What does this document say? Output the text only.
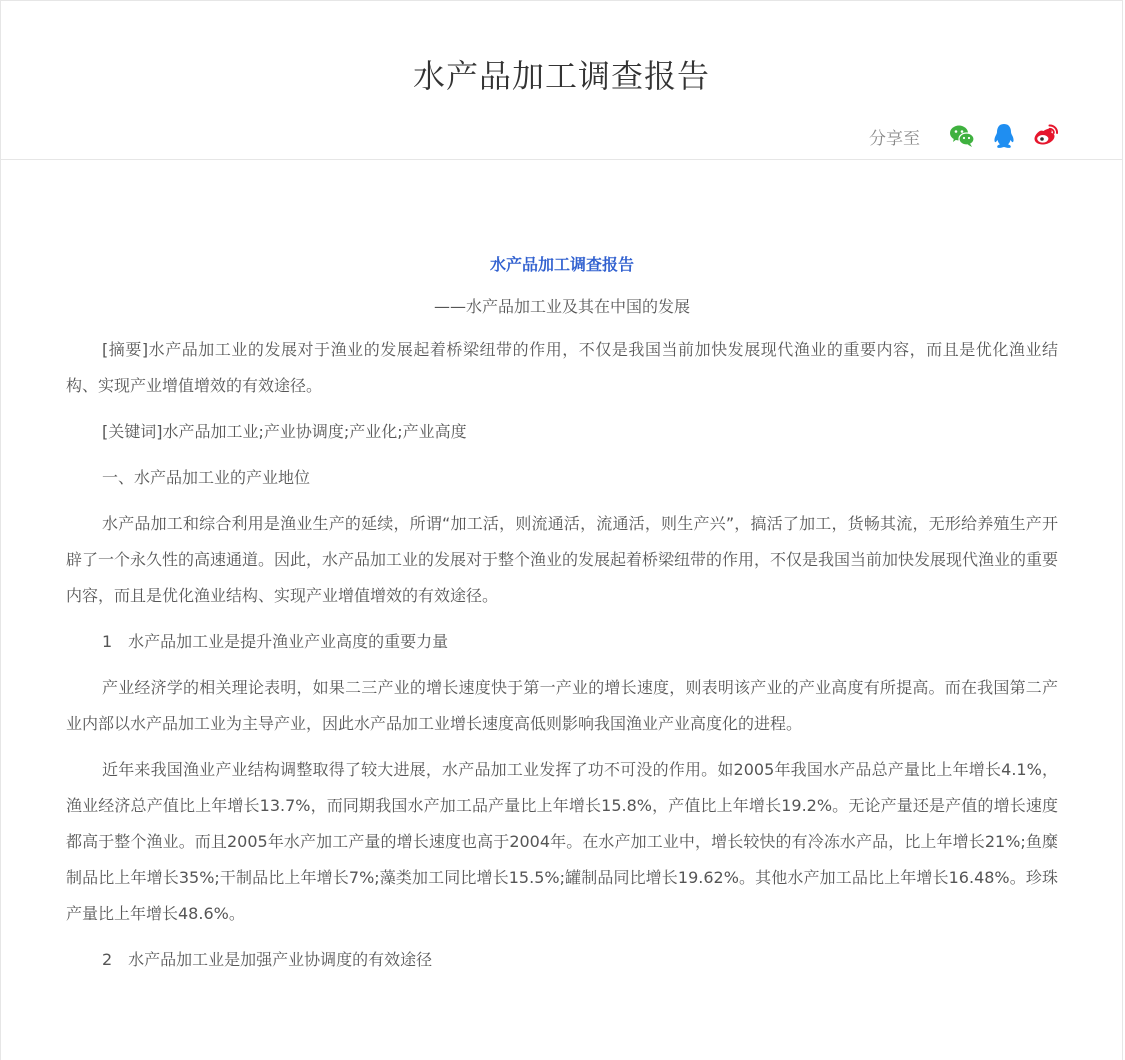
水产品加工调查报告
分享至

水产品加工调查报告

——水产品加工业及其在中国的发展

[摘要]水产品加工业的发展对于渔业的发展起着桥梁纽带的作用，不仅是我国当前加快发展现代渔业的重要内容，而且是优化渔业结构、实现产业增值增效的有效途径。

[关键词]水产品加工业;产业协调度;产业化;产业高度

一、水产品加工业的产业地位

水产品加工和综合利用是渔业生产的延续，所谓“加工活，则流通活，流通活，则生产兴”，搞活了加工，货畅其流，无形给养殖生产开辟了一个永久性的高速通道。因此，水产品加工业的发展对于整个渔业的发展起着桥梁纽带的作用，不仅是我国当前加快发展现代渔业的重要内容，而且是优化渔业结构、实现产业增值增效的有效途径。

1　水产品加工业是提升渔业产业高度的重要力量

产业经济学的相关理论表明，如果二三产业的增长速度快于第一产业的增长速度，则表明该产业的产业高度有所提高。而在我国第二产业内部以水产品加工业为主导产业，因此水产品加工业增长速度高低则影响我国渔业产业高度化的进程。

近年来我国渔业产业结构调整取得了较大进展，水产品加工业发挥了功不可没的作用。如2005年我国水产品总产量比上年增长4.1%，渔业经济总产值比上年增长13.7%，而同期我国水产加工品产量比上年增长15.8%，产值比上年增长19.2%。无论产量还是产值的增长速度都高于整个渔业。而且2005年水产加工产量的增长速度也高于2004年。在水产加工业中，增长较快的有冷冻水产品，比上年增长21%;鱼糜制品比上年增长35%;干制品比上年增长7%;藻类加工同比增长15.5%;罐制品同比增长19.62%。其他水产加工品比上年增长16.48%。珍珠产量比上年增长48.6%。

2　水产品加工业是加强产业协调度的有效途径
